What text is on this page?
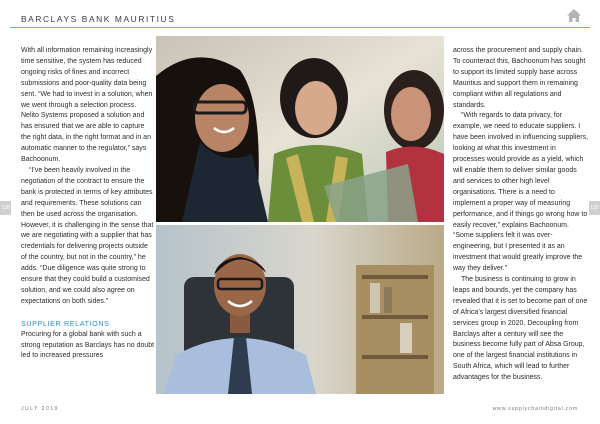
BARCLAYS BANK MAURITIUS
138	139

With all information remaining increasingly time sensitive, the system has reduced ongoing risks of fines and incorrect submissions and poor-quality data being sent. “We had to invest in a solution, when we went through a selection process. Nelito Systems proposed a solution and has ensured that we are able to capture the right data, in the right format and in an automatic manner to the regulator,” says Bachoonum.

“I’ve been heavily involved in the negotiation of the contract to ensure the bank is protected in terms of key attributes and requirements. These solutions can then be used across the organisation. However, it is challenging in the sense that we are negotiating with a supplier that has credentials for delivering projects outside of the country, but not in the country,” he adds. “Due diligence was quite strong to ensure that they could build a customised solution, and we could also agree on expectations on both sides.”

SUPPLIER RELATIONS

Procuring for a global bank with such a strong reputation as Barclays has no doubt led to increased pressures

across the procurement and supply chain. To counteract this, Bachoonum has sought to support its limited supply base across Mauritius and support them in remaining compliant within all regulations and standards.

“With regards to data privacy, for example, we need to educate suppliers. I have been involved in influencing suppliers, looking at what this investment in processes would provide as a yield, which will enable them to deliver similar goods and services to other high level organisations. There is a need to implement a proper way of measuring performance, and if things go wrong how to easily recover,” explains Bachoonum. “Some suppliers felt it was over-engineering, but I presented it as an investment that would greatly improve the way they deliver.”

The business is continuing to grow in leaps and bounds, yet the company has revealed that it is set to become part of one of Africa’s largest diversified financial services group in 2020. Decoupling from Barclays after a century will see the business become fully part of Absa Group, one of the largest financial institutions in South Africa, which will lead to further advantages for the business.

JULY 2019	www.supplychaindigital.com
